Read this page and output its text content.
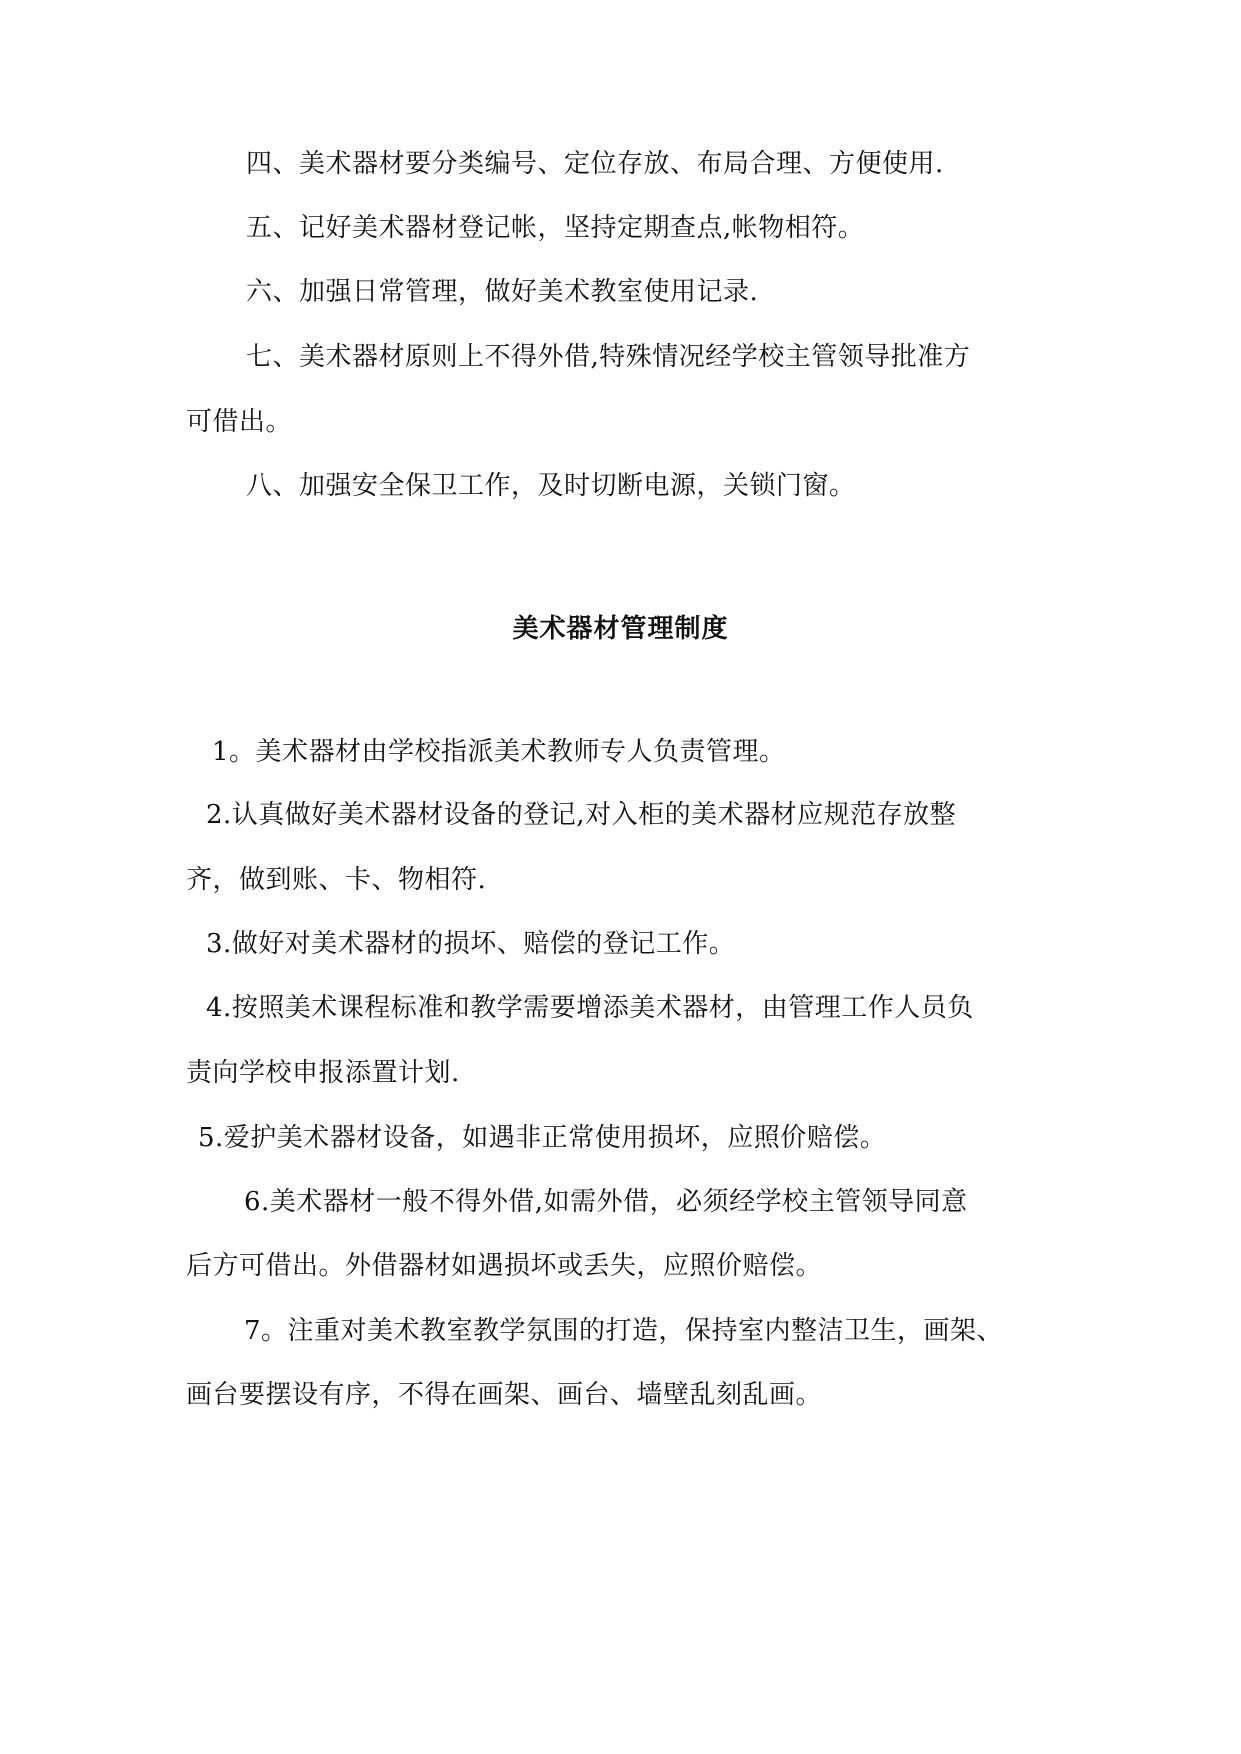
四、美术器材要分类编号、定位存放、布局合理、方便使用.
五、记好美术器材登记帐，坚持定期查点,帐物相符。
六、加强日常管理，做好美术教室使用记录.
七、美术器材原则上不得外借,特殊情况经学校主管领导批准方
可借出。
八、加强安全保卫工作，及时切断电源，关锁门窗。
美术器材管理制度
1。美术器材由学校指派美术教师专人负责管理。
2.认真做好美术器材设备的登记,对入柜的美术器材应规范存放整
齐，做到账、卡、物相符.
3.做好对美术器材的损坏、赔偿的登记工作。
4.按照美术课程标准和教学需要增添美术器材，由管理工作人员负
责向学校申报添置计划.
5.爱护美术器材设备，如遇非正常使用损坏，应照价赔偿。
6.美术器材一般不得外借,如需外借，必须经学校主管领导同意
后方可借出。外借器材如遇损坏或丢失，应照价赔偿。
7。注重对美术教室教学氛围的打造，保持室内整洁卫生，画架、
画台要摆设有序，不得在画架、画台、墙壁乱刻乱画。
